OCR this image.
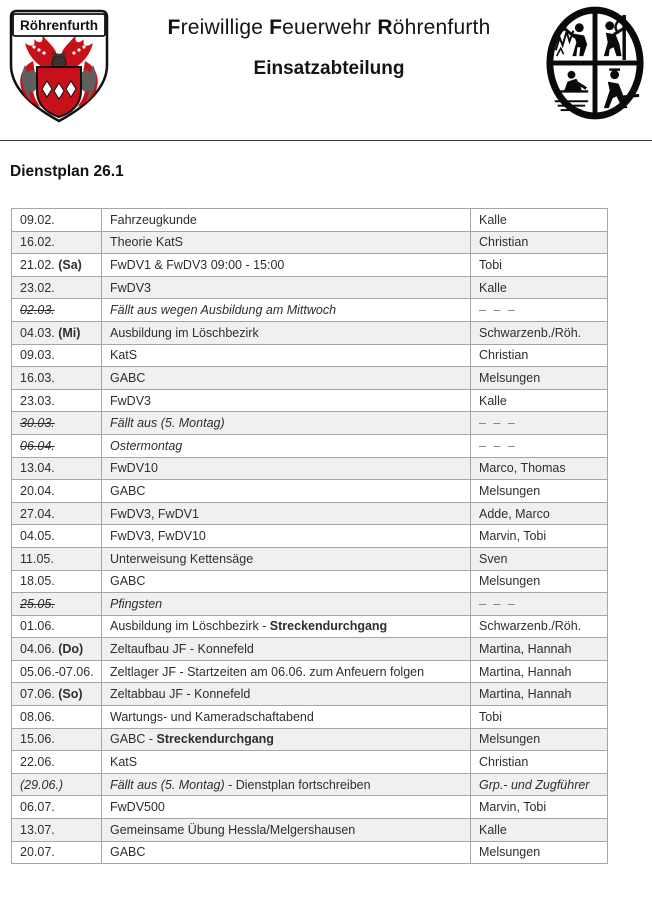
Röhrenfurth	Freiwillige Feuerwehr Röhrenfurth
Einsatzabteilung
Dienstplan 26.1
09.02.	Fahrzeugkunde	Kalle
16.02.	Theorie KatS	Christian
21.02. (Sa)	FwDV1 & FwDV3 09:00 - 15:00	Tobi
23.02.	FwDV3	Kalle
02.03.	Fällt aus wegen Ausbildung am Mittwoch	– – –
04.03. (Mi)	Ausbildung im Löschbezirk	Schwarzenb./Röh.
09.03.	KatS	Christian
16.03.	GABC	Melsungen
23.03.	FwDV3	Kalle
30.03.	Fällt aus (5. Montag)	– – –
06.04.	Ostermontag	– – –
13.04.	FwDV10	Marco, Thomas
20.04.	GABC	Melsungen
27.04.	FwDV3, FwDV1	Adde, Marco
04.05.	FwDV3, FwDV10	Marvin, Tobi
11.05.	Unterweisung Kettensäge	Sven
18.05.	GABC	Melsungen
25.05.	Pfingsten	– – –
01.06.	Ausbildung im Löschbezirk - Streckendurchgang	Schwarzenb./Röh.
04.06. (Do)	Zeltaufbau JF - Konnefeld	Martina, Hannah
05.06.-07.06.	Zeltlager JF - Startzeiten am 06.06. zum Anfeuern folgen	Martina, Hannah
07.06. (So)	Zeltabbau JF - Konnefeld	Martina, Hannah
08.06.	Wartungs- und Kameradschaftabend	Tobi
15.06.	GABC - Streckendurchgang	Melsungen
22.06.	KatS	Christian
(29.06.)	Fällt aus (5. Montag) - Dienstplan fortschreiben	Grp.- und Zugführer
06.07.	FwDV500	Marvin, Tobi
13.07.	Gemeinsame Übung Hessla/Melgershausen	Kalle
20.07.	GABC	Melsungen
